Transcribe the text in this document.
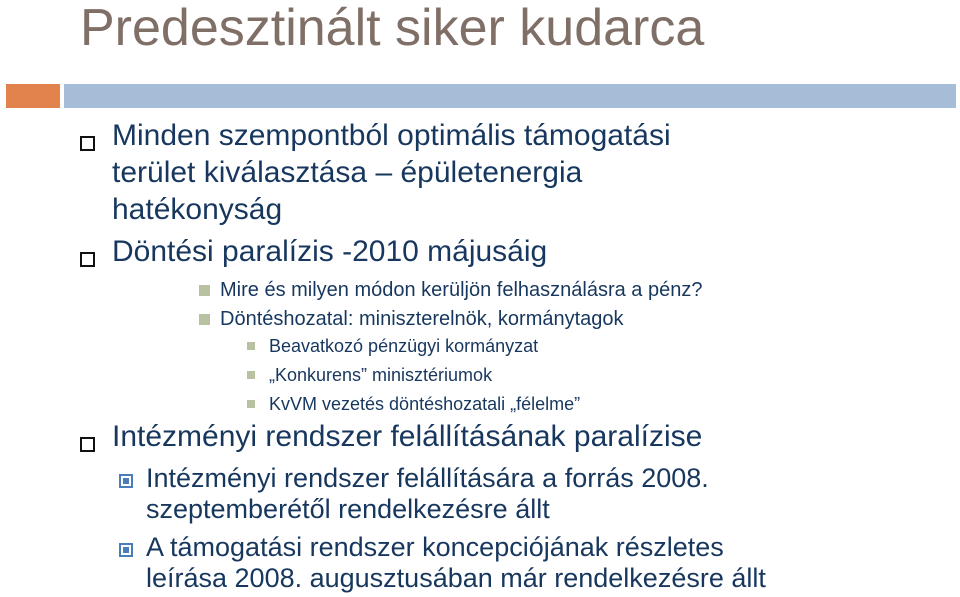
Predesztinált siker kudarca
Minden szempontból optimális támogatási
terület kiválasztása – épületenergia
hatékonyság
Döntési paralízis -2010 májusáig
Mire és milyen módon kerüljön felhasználásra a pénz?
Döntéshozatal: miniszterelnök, kormánytagok
Beavatkozó pénzügyi kormányzat
„Konkurens” minisztériumok
KvVM vezetés döntéshozatali „félelme”
Intézményi rendszer felállításának paralízise
Intézményi rendszer felállítására a forrás 2008.
szeptemberétől rendelkezésre állt
A támogatási rendszer koncepciójának részletes
leírása 2008. augusztusában már rendelkezésre állt
